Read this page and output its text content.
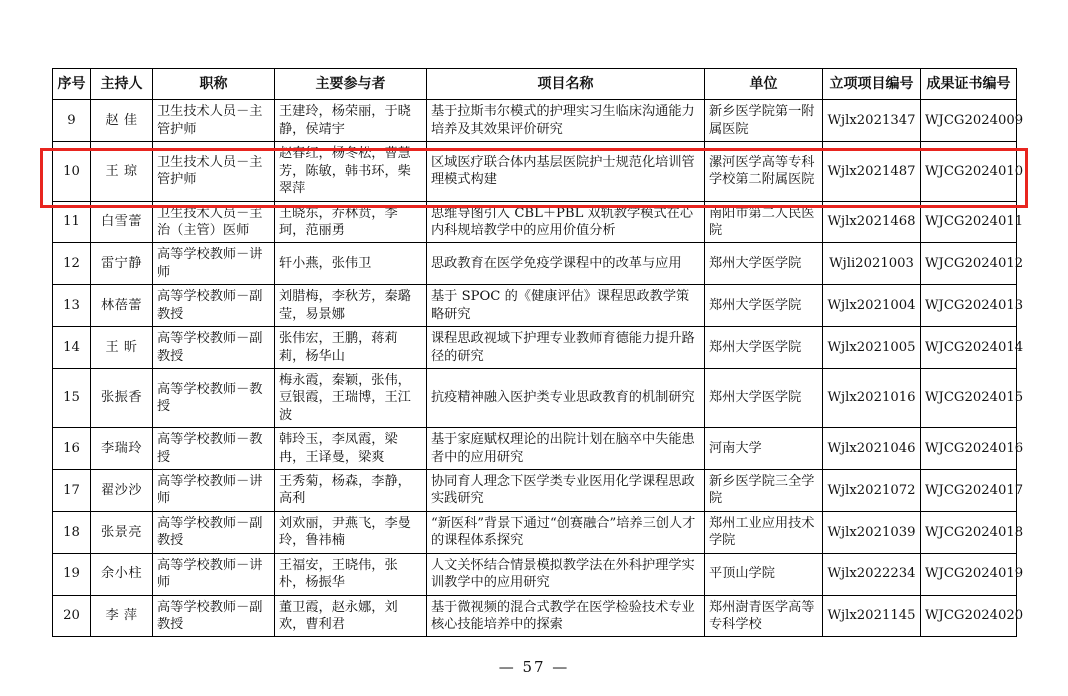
序号	主持人	职称	主要参与者	项目名称	单位	立项项目编号	成果证书编号
9	赵 佳	卫生技术人员－主管护师	王建玲，杨荣丽，于晓静，侯靖宇	基于拉斯韦尔模式的护理实习生临床沟通能力培养及其效果评价研究	新乡医学院第一附属医院	Wjlx2021347	WJCG2024009
10	王 琼	卫生技术人员－主管护师	赵春红，杨冬松，曹慧芳，陈敏，韩书环，柴翠萍	区域医疗联合体内基层医院护士规范化培训管理模式构建	漯河医学高等专科学校第二附属医院	Wjlx2021487	WJCG2024010
11	白雪蕾	卫生技术人员－主治（主管）医师	王晓东，乔林贲，李珂，范丽勇	思维导图引入 CBL＋PBL 双轨教学模式在心内科规培教学中的应用价值分析	南阳市第二人民医院	Wjlx2021468	WJCG2024011
12	雷宁静	高等学校教师－讲师	轩小燕，张伟卫	思政教育在医学免疫学课程中的改革与应用	郑州大学医学院	Wjli2021003	WJCG2024012
13	林蓓蕾	高等学校教师－副教授	刘腊梅，李秋芳，秦璐莹，易景娜	基于 SPOC 的《健康评估》课程思政教学策略研究	郑州大学医学院	Wjlx2021004	WJCG2024013
14	王 昕	高等学校教师－副教授	张伟宏，王鹏，蒋莉莉，杨华山	课程思政视域下护理专业教师育德能力提升路径的研究	郑州大学医学院	Wjlx2021005	WJCG2024014
15	张振香	高等学校教师－教授	梅永霞，秦颖，张伟，豆银霞，王瑞博，王江波	抗疫精神融入医护类专业思政教育的机制研究	郑州大学医学院	Wjlx2021016	WJCG2024015
16	李瑞玲	高等学校教师－教授	韩玲玉，李凤霞，梁冉，王译曼，梁爽	基于家庭赋权理论的出院计划在脑卒中失能患者中的应用研究	河南大学	Wjlx2021046	WJCG2024016
17	翟沙沙	高等学校教师－讲师	王秀菊，杨森，李静，高利	协同育人理念下医学类专业医用化学课程思政实践研究	新乡医学院三全学院	Wjlx2021072	WJCG2024017
18	张景亮	高等学校教师－副教授	刘欢丽，尹燕飞，李曼玲，鲁祎楠	“新医科”背景下通过“创赛融合”培养三创人才的课程体系探究	郑州工业应用技术学院	Wjlx2021039	WJCG2024018
19	余小柱	高等学校教师－讲师	王福安，王晓伟，张朴，杨振华	人文关怀结合情景模拟教学法在外科护理学实训教学中的应用研究	平顶山学院	Wjlx2022234	WJCG2024019
20	李 萍	高等学校教师－副教授	董卫霞，赵永娜，刘欢，曹利君	基于微视频的混合式教学在医学检验技术专业核心技能培养中的探索	郑州澍青医学高等专科学校	Wjlx2021145	WJCG2024020
— 57 —
